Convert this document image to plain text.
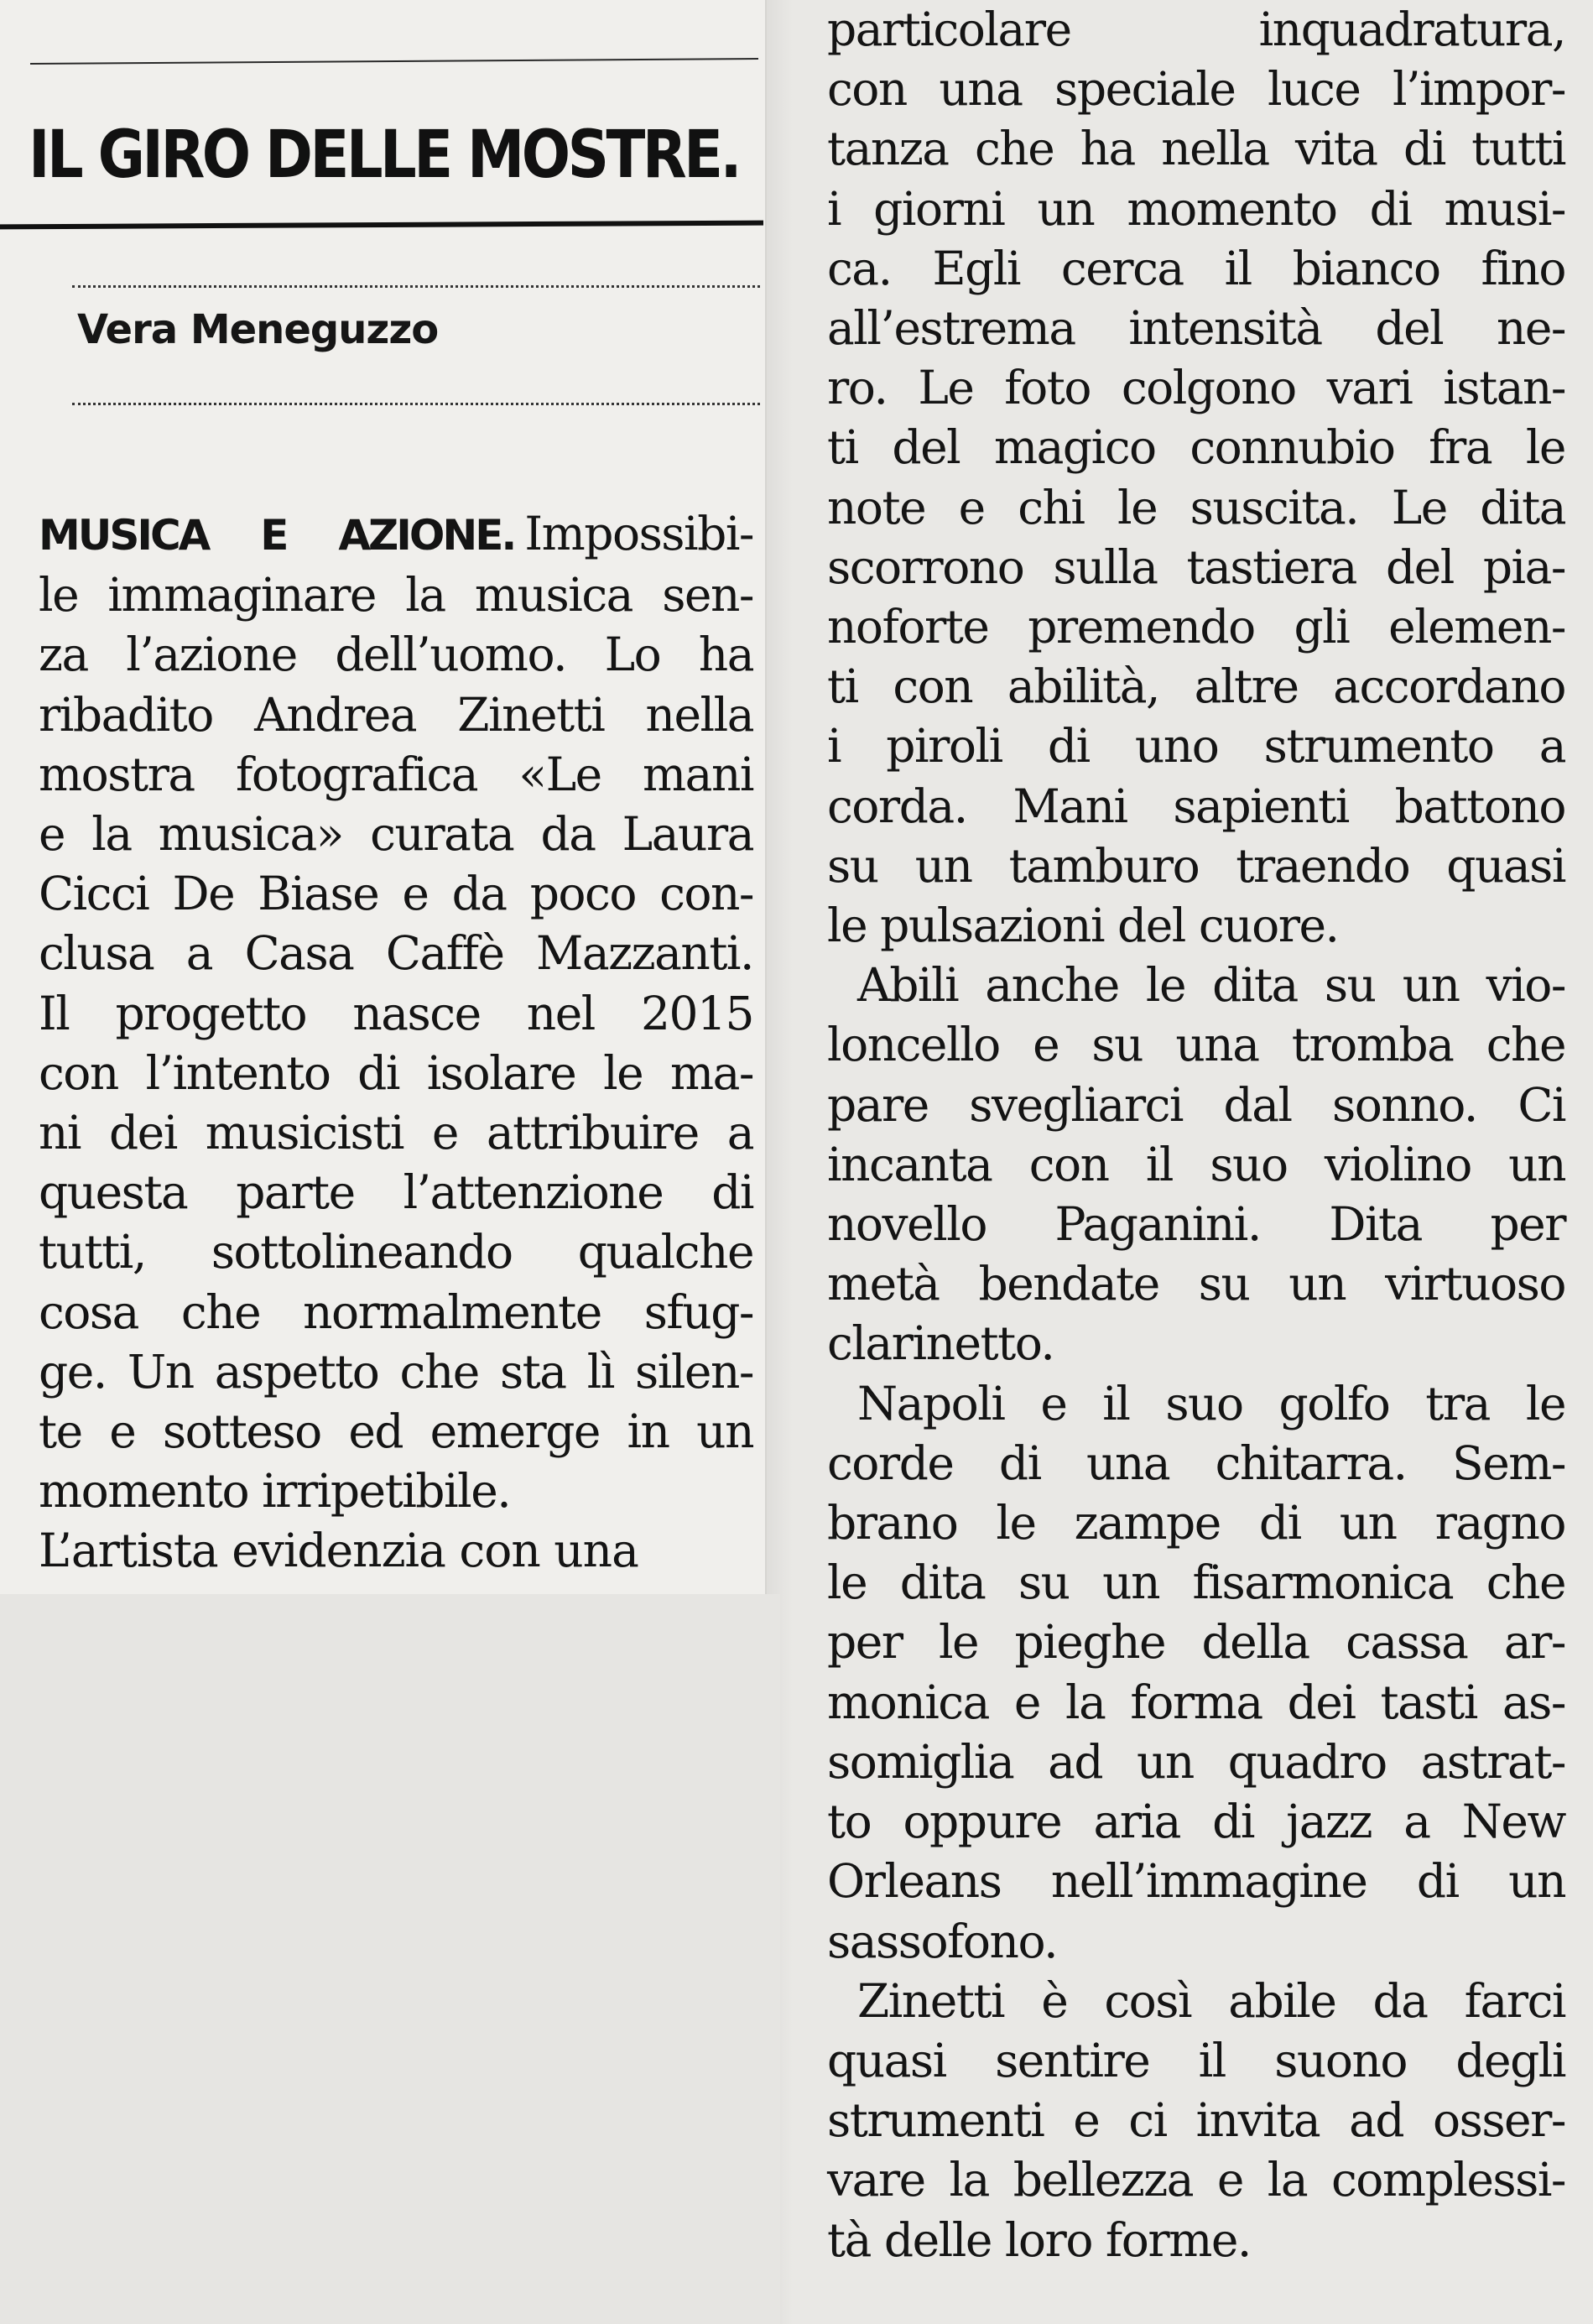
IL GIRO DELLE MOSTRE.
Vera Meneguzzo
MUSICA E AZIONE. Impossibi-
le immaginare la musica sen-
za l’azione dell’uomo. Lo ha
ribadito Andrea Zinetti nella
mostra fotografica «Le mani
e la musica» curata da Laura
Cicci De Biase e da poco con-
clusa a Casa Caffè Mazzanti.
Il progetto nasce nel 2015
con l’intento di isolare le ma-
ni dei musicisti e attribuire a
questa parte l’attenzione di
tutti, sottolineando qualche
cosa che normalmente sfug-
ge. Un aspetto che sta lì silen-
te e sotteso ed emerge in un
momento irripetibile.
L’artista evidenzia con una

particolare inquadratura,
con una speciale luce l’impor-
tanza che ha nella vita di tutti
i giorni un momento di musi-
ca. Egli cerca il bianco fino
all’estrema intensità del ne-
ro. Le foto colgono vari istan-
ti del magico connubio fra le
note e chi le suscita. Le dita
scorrono sulla tastiera del pia-
noforte premendo gli elemen-
ti con abilità, altre accordano
i piroli di uno strumento a
corda. Mani sapienti battono
su un tamburo traendo quasi
le pulsazioni del cuore.

Abili anche le dita su un vio-
loncello e su una tromba che
pare svegliarci dal sonno. Ci
incanta con il suo violino un
novello Paganini. Dita per
metà bendate su un virtuoso
clarinetto.

Napoli e il suo golfo tra le
corde di una chitarra. Sem-
brano le zampe di un ragno
le dita su un fisarmonica che
per le pieghe della cassa ar-
monica e la forma dei tasti as-
somiglia ad un quadro astrat-
to oppure aria di jazz a New
Orleans nell’immagine di un
sassofono.

Zinetti è così abile da farci
quasi sentire il suono degli
strumenti e ci invita ad osser-
vare la bellezza e la complessi-
tà delle loro forme.
